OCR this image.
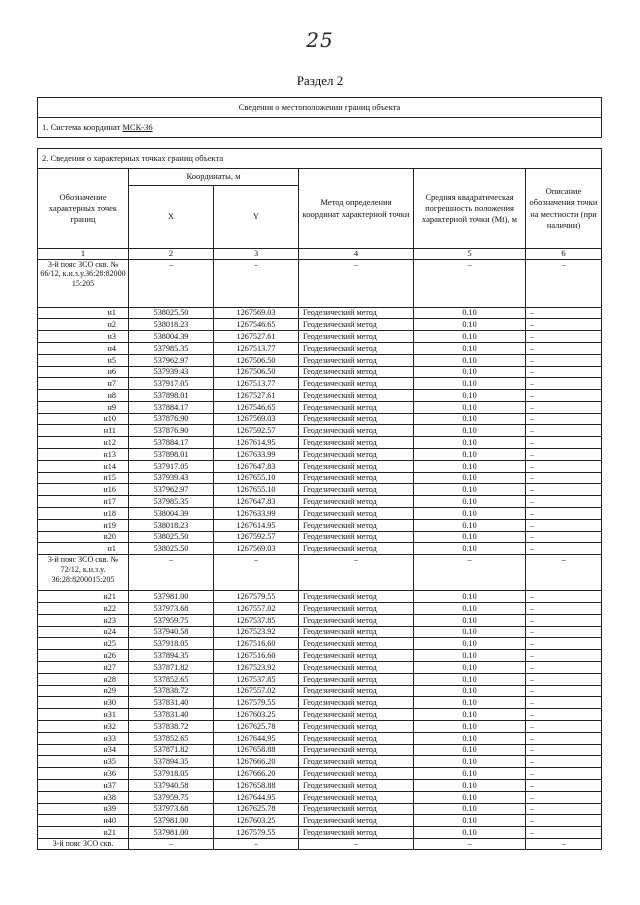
25
Раздел 2
Сведения о местоположении границ объекта					
1. Система координат МСК-36					

2. Сведения о характерных точках границ объекта					
Обозначение характерных точек границ	Координаты, м		Метод определения координат характерной точки	Средняя квадратическая погрешность положения характерной точки (Mt), м	Описание обозначения точки на местности (при наличии)
	X	Y			
1	2	3	4	5	6
3-й пояс ЗСО скв. № 66/12, к.н.з.у.36:28:82000 15:205	–	–	–	–	–
н1	538025.50	1267569.03	Геодезический метод	0.10	–
н2	538018.23	1267546.65	Геодезический метод	0.10	–
н3	538004.39	1267527.61	Геодезический метод	0.10	–
н4	537985.35	1267513.77	Геодезический метод	0.10	–
н5	537962.97	1267506.50	Геодезический метод	0.10	–
н6	537939.43	1267506.50	Геодезический метод	0.10	–
н7	537917.05	1267513.77	Геодезический метод	0.10	–
н8	537898.01	1267527.61	Геодезический метод	0.10	–
н9	537884.17	1267546.65	Геодезический метод	0.10	–
н10	537876.90	1267569.03	Геодезический метод	0.10	–
н11	537876.90	1267592.57	Геодезический метод	0.10	–
н12	537884.17	1267614.95	Геодезический метод	0.10	–
н13	537898.01	1267633.99	Геодезический метод	0.10	–
н14	537917.05	1267647.83	Геодезический метод	0.10	–
н15	537939.43	1267655.10	Геодезический метод	0.10	–
н16	537962.97	1267655.10	Геодезический метод	0.10	–
н17	537985.35	1267647.83	Геодезический метод	0.10	–
н18	538004.39	1267633.99	Геодезический метод	0.10	–
н19	538018.23	1267614.95	Геодезический метод	0.10	–
н20	538025.50	1267592.57	Геодезический метод	0.10	–
н1	538025.50	1267569.03	Геодезический метод	0.10	–
3-й пояс ЗСО скв. № 72/12, к.н.з.у. 36:28:8200015:205	–	–	–	–	–
н21	537981.00	1267579.55	Геодезический метод	0.10	–
н22	537973.68	1267557.02	Геодезический метод	0.10	–
н23	537959.75	1267537.85	Геодезический метод	0.10	–
н24	537940.58	1267523.92	Геодезический метод	0.10	–
н25	537918.05	1267516.60	Геодезический метод	0.10	–
н26	537894.35	1267516.60	Геодезический метод	0.10	–
н27	537871.82	1267523.92	Геодезический метод	0.10	–
н28	537852.65	1267537.85	Геодезический метод	0.10	–
н29	537838.72	1267557.02	Геодезический метод	0.10	–
н30	537831.40	1267579.55	Геодезический метод	0.10	–
н31	537831.40	1267603.25	Геодезический метод	0.10	–
н32	537838.72	1267625.78	Геодезический метод	0.10	–
н33	537852.65	1267644.95	Геодезический метод	0.10	–
н34	537871.82	1267658.88	Геодезический метод	0.10	–
н35	537894.35	1267666.20	Геодезический метод	0.10	–
н36	537918.05	1267666.20	Геодезический метод	0.10	–
н37	537940.58	1267658.88	Геодезический метод	0.10	–
н38	537959.75	1267644.95	Геодезический метод	0.10	–
н39	537973.68	1267625.78	Геодезический метод	0.10	–
н40	537981.00	1267603.25	Геодезический метод	0.10	–
н21	537981.00	1267579.55	Геодезический метод	0.10	–
3-й пояс ЗСО скв.	–	–	–	–	–
